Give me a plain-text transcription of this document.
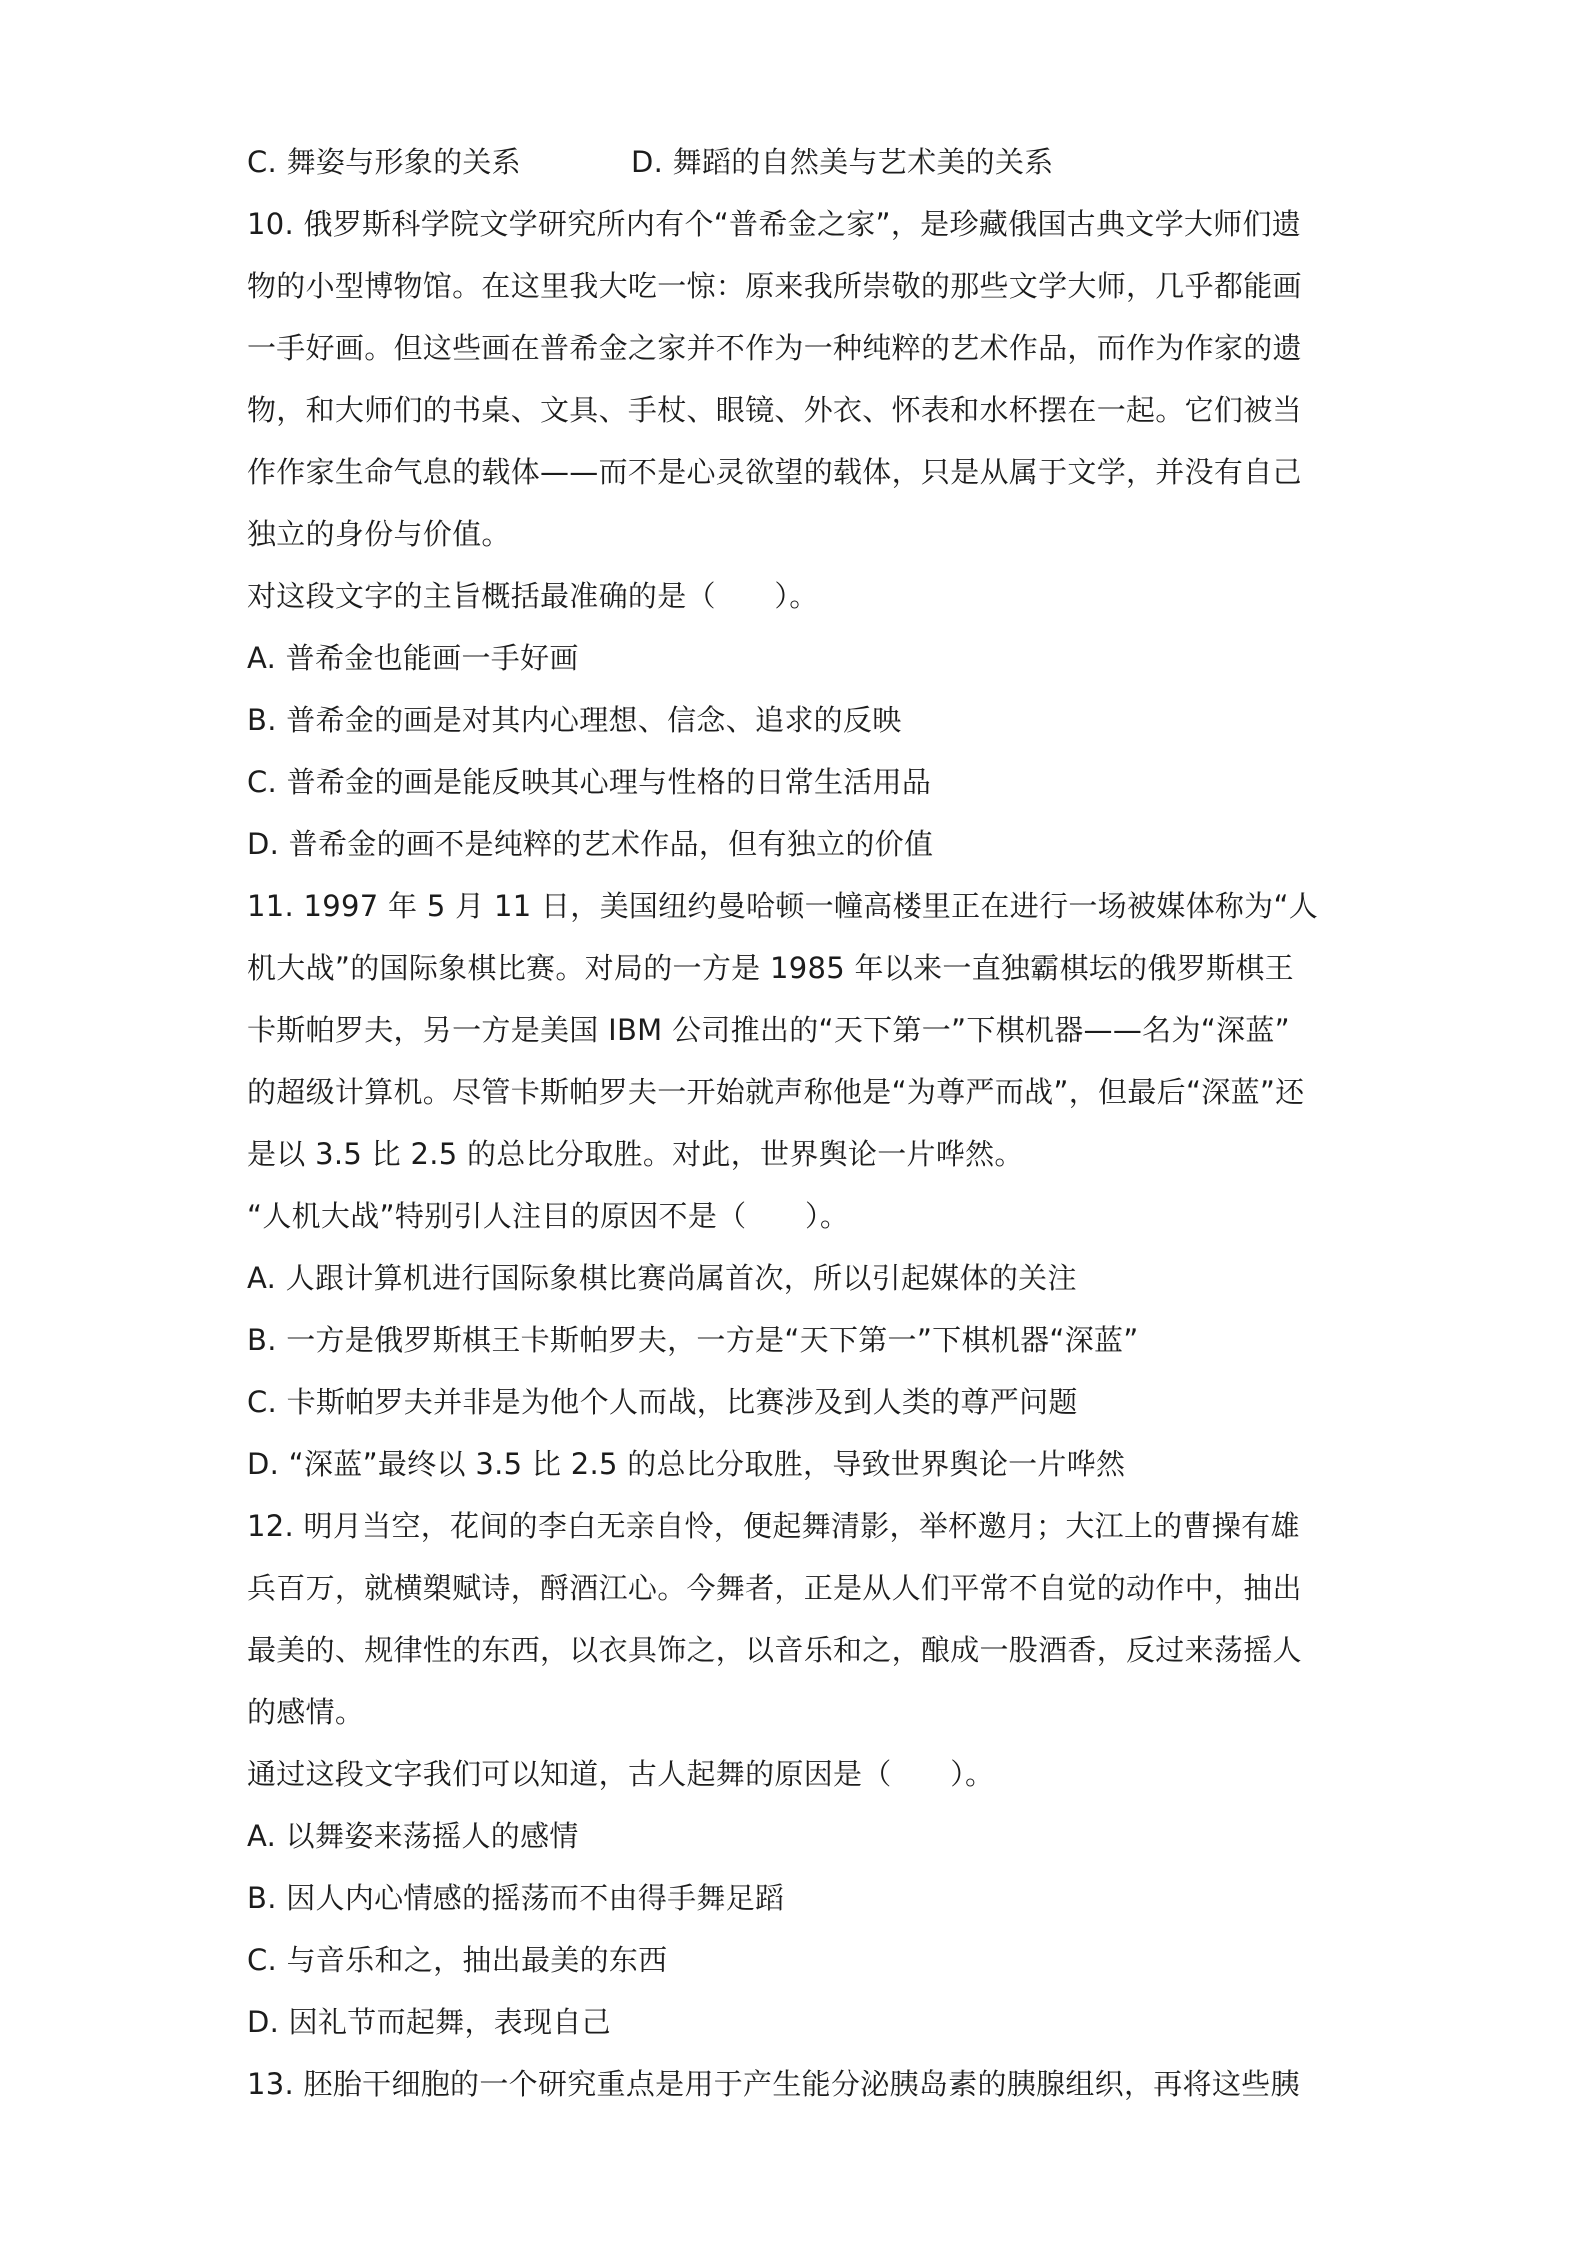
C. 舞姿与形象的关系	D. 舞蹈的自然美与艺术美的关系
10. 俄罗斯科学院文学研究所内有个“普希金之家”，是珍藏俄国古典文学大师们遗
物的小型博物馆。在这里我大吃一惊：原来我所崇敬的那些文学大师，几乎都能画
一手好画。但这些画在普希金之家并不作为一种纯粹的艺术作品，而作为作家的遗
物，和大师们的书桌、文具、手杖、眼镜、外衣、怀表和水杯摆在一起。它们被当
作作家生命气息的载体——而不是心灵欲望的载体，只是从属于文学，并没有自己
独立的身份与价值。
对这段文字的主旨概括最准确的是（　　）。
A. 普希金也能画一手好画
B. 普希金的画是对其内心理想、信念、追求的反映
C. 普希金的画是能反映其心理与性格的日常生活用品
D. 普希金的画不是纯粹的艺术作品，但有独立的价值
11. 1997 年 5 月 11 日，美国纽约曼哈顿一幢高楼里正在进行一场被媒体称为“人
机大战”的国际象棋比赛。对局的一方是 1985 年以来一直独霸棋坛的俄罗斯棋王
卡斯帕罗夫，另一方是美国 IBM 公司推出的“天下第一”下棋机器——名为“深蓝”
的超级计算机。尽管卡斯帕罗夫一开始就声称他是“为尊严而战”，但最后“深蓝”还
是以 3.5 比 2.5 的总比分取胜。对此，世界舆论一片哗然。
“人机大战”特别引人注目的原因不是（　　）。
A. 人跟计算机进行国际象棋比赛尚属首次，所以引起媒体的关注
B. 一方是俄罗斯棋王卡斯帕罗夫，一方是“天下第一”下棋机器“深蓝”
C. 卡斯帕罗夫并非是为他个人而战，比赛涉及到人类的尊严问题
D. “深蓝”最终以 3.5 比 2.5 的总比分取胜，导致世界舆论一片哗然
12. 明月当空，花间的李白无亲自怜，便起舞清影，举杯邀月；大江上的曹操有雄
兵百万，就横槊赋诗，酹酒江心。今舞者，正是从人们平常不自觉的动作中，抽出
最美的、规律性的东西，以衣具饰之，以音乐和之，酿成一股酒香，反过来荡摇人
的感情。
通过这段文字我们可以知道，古人起舞的原因是（　　）。
A. 以舞姿来荡摇人的感情
B. 因人内心情感的摇荡而不由得手舞足蹈
C. 与音乐和之，抽出最美的东西
D. 因礼节而起舞，表现自己
13. 胚胎干细胞的一个研究重点是用于产生能分泌胰岛素的胰腺组织，再将这些胰
